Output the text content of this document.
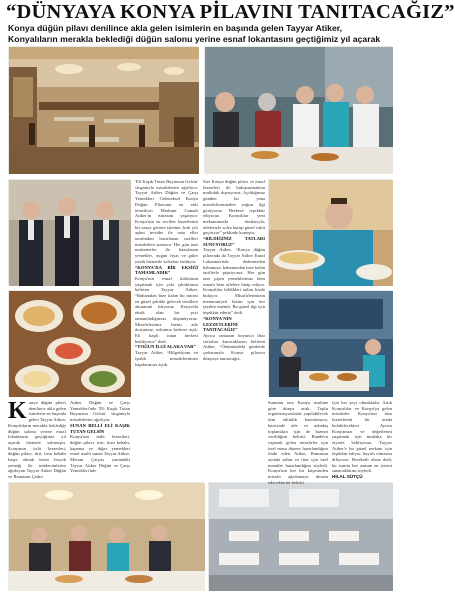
“DÜNYAYA KONYA PİLAVINI TANITACAĞIZ”
Konya düğün pilavı denilince akla gelen isimlerin en başında gelen Tayyar Atiker, Konyalıların merakla beklediği düğün salonu yerine esnaf lokantasını geçtiğimiz yıl açarak

Konya düğün pilavı denilince akla gelen isimlerin en başında gelen Tayyar Atiker, Konyalıların merakla beklediği düğün salonu yerine esnaf lokantasını geçtiğimiz yıl açarak hizmete sokmuştu. Konyanın özlü lezzetleri, düğün pilavı, tirit, fırın kebabı başta olmak üzere birçok yemeği ile müdavimlerini ağırlayan Tayyar Atiker Düğün ve Ramazan Çadırı

Atiker Düğün ve Çarşı Yemekleri'nde 'Eli Kaşık Tutan Buyursun Gelsin' sloganıyla misafirlerini ağırlıyor.

SUNAN BELLİ ELİ KAŞIK TUTAN GELSİN

Konya'nın ünlü lezzetleri, düğün pilavı, tirit, fırın kebabı, kapama ve diğer yemekleri esnaf usulü sunan Tayyar Atiker, Meram Çarşısı yanındaki Tayyar Atiker Düğün ve Çarşı Yemekleri'nde

'Eli Kaşık Tutan Buyursun Gelsin' sloganıyla misafirlerini ağırlıyor. Tayyar Atiker Düğün ve Çarşı Yemekleri Geleneksel Konya Düğün Pilavının en eski temsilcisi Merhum Cumali Atiker'in mirasını yaşatıyor. Konya'nın en sevilen lezzetlerini bir araya getiren işletme; kırk yılı aşkın tecrübe ile usta eller tarafından hazırlanan tarifleri misafirlere sunuyor. Her gün taze malzemeler ile hazırlanan yemekler, uygun fiyat ve güler yüzlü hizmetle sofraları süslüyor.

“KONYA'DA BİR EKSİĞİ TAMAMLADIK”

Konya'nın esnaf kültürünü yaşatmak için yola çıktıklarını belirten Tayyar Atiker, “Babamdan bize kalan bu mirası en güzel şekilde gelecek nesillere aktarmak istiyoruz. Konya'da eksik olan bir şeyi tamamladığımızı düşünüyoruz. Misafirlerimiz bizim aile dostumuz, soframız herkese açık. Eli kaşık tutan herkesi bekliyoruz” dedi.

“YOĞUN İLGİ ALAKA VAR”

Tayyar Atiker, “Bilgeisyum ve iştahlı misafirlerimize kapılarımızı açtık.

Sizi Konya düğün pilavı ve esnaf lezzetleri ile buluşturmaktan mutluluk duyuyoruz. Açıldığımız günden bu yana misafirlerimizden yoğun ilgi görüyoruz. Herkese teşekkür ediyoruz. Konyalılar yeni mekanımızda dostlarıyla, aileleriyle sofra kurup güzel vakit geçiriyor” şeklinde konuştu.

“BİLDİĞİNİZ TATLARI SUNUYORUZ”

Tayyar Atiker, “Konya düğün pilavında da Tayyar Atiker Esnaf Lokantası'nda dedemizden babamıza, babamızdan bize kalan tariflerle pişiriyoruz. Her gün taze pişen yemeklerimiz hem esnafa hem ailelere hitap ediyor. Konyalılar bildikleri tatları bizde buluyor. Misafirlerimizin memnuniyeti bizim için her şeyden önemli. Bu güzel ilgi için teşekkür ederiz” dedi.

“KONYA'NIN LEZZETLERİNİ TANITACAĞIZ”

Ayrıca ramazan boyunca iftar sofraları kuracaklarını belirten Atiker, “Önümüzdeki günlerde çadırımızla Konya pilavını dünyaya tanıtacağız.

Sunumu tarz Konya usulüne göre dünya artık. Toplu organizasyonlarda yapılabilecek tüm etkinlik hazırlanıyor, haricinde aile ve arkadaş toplantıları için de hizmet verildiğini belirtti. Randevu yaparak gelen misafirler için özel masa düzeni hazırlandığını ifade eden Atiker, Ramazan ayında sahur ve iftar için özel menüler hazırlandığını söyledi. Konya'nın her bir köşesinden misafir ağırlamaya devam edeceklerini belirtti.

için her şeyi olmaktadır. Artık Konyalılar ve Konya'ya gelen misafirler Konya'nın tüm lezzetlerini bir arada bulabilecekleri Ayrıca Konyamızı ve değerlerini yaşatmak için mutlaka bir ziyaret bekliyoruz. Tayyar Atiker'e bu güzel mekanı için teşekkür ediyor, hayırlı olmasını diliyoruz. Bereketli olsun dedi, bu isimin her zaman en iyisini sunacaklarını söyledi.

HİLAL SÜTÇÜ
